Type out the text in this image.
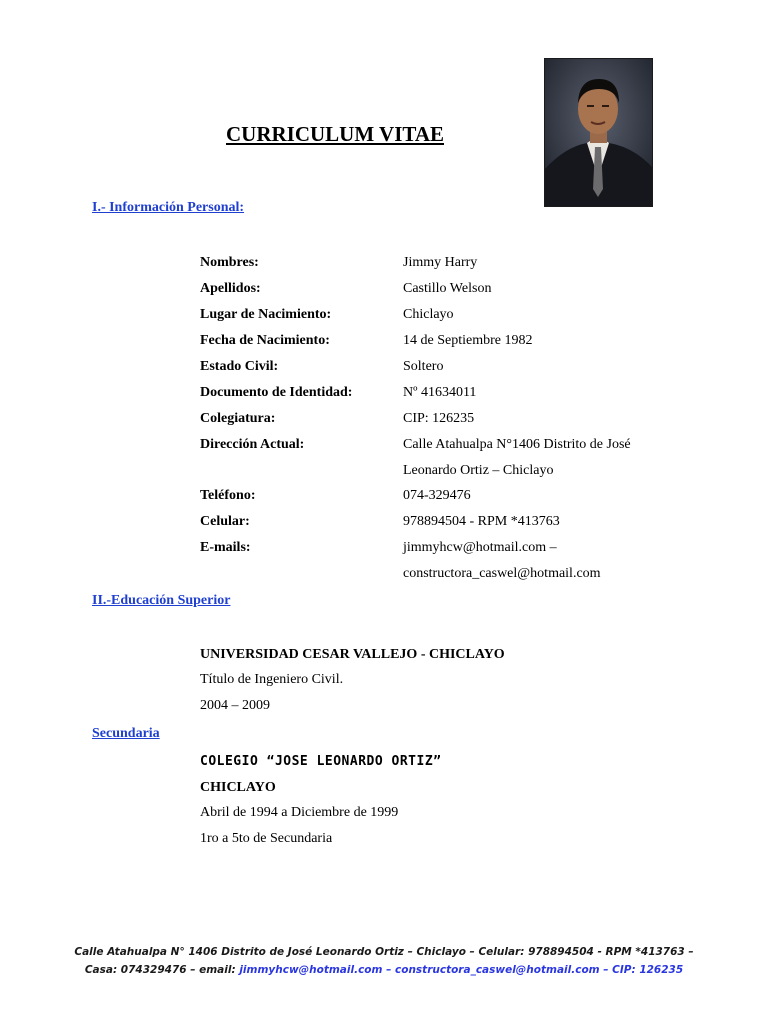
CURRICULUM VITAE
I.- Información Personal:
Nombres:	Jimmy Harry
Apellidos:	Castillo Welson
Lugar de Nacimiento:	Chiclayo
Fecha de Nacimiento:	14 de Septiembre 1982
Estado Civil:	Soltero
Documento de Identidad:	Nº 41634011
Colegiatura:	CIP: 126235
Dirección Actual:	Calle Atahualpa N°1406 Distrito de José
Leonardo Ortiz – Chiclayo
Teléfono:	074-329476
Celular:	978894504 - RPM *413763
E-mails:	jimmyhcw@hotmail.com –
constructora_caswel@hotmail.com
II.-Educación Superior
UNIVERSIDAD CESAR VALLEJO - CHICLAYO
Título de Ingeniero Civil.
2004 – 2009
Secundaria
COLEGIO “JOSE LEONARDO ORTIZ”
CHICLAYO
Abril de 1994 a Diciembre de 1999
1ro a 5to de Secundaria
Calle Atahualpa N° 1406 Distrito de José Leonardo Ortiz – Chiclayo – Celular: 978894504 - RPM *413763 –
Casa: 074329476 – email: jimmyhcw@hotmail.com – constructora_caswel@hotmail.com – CIP: 126235
